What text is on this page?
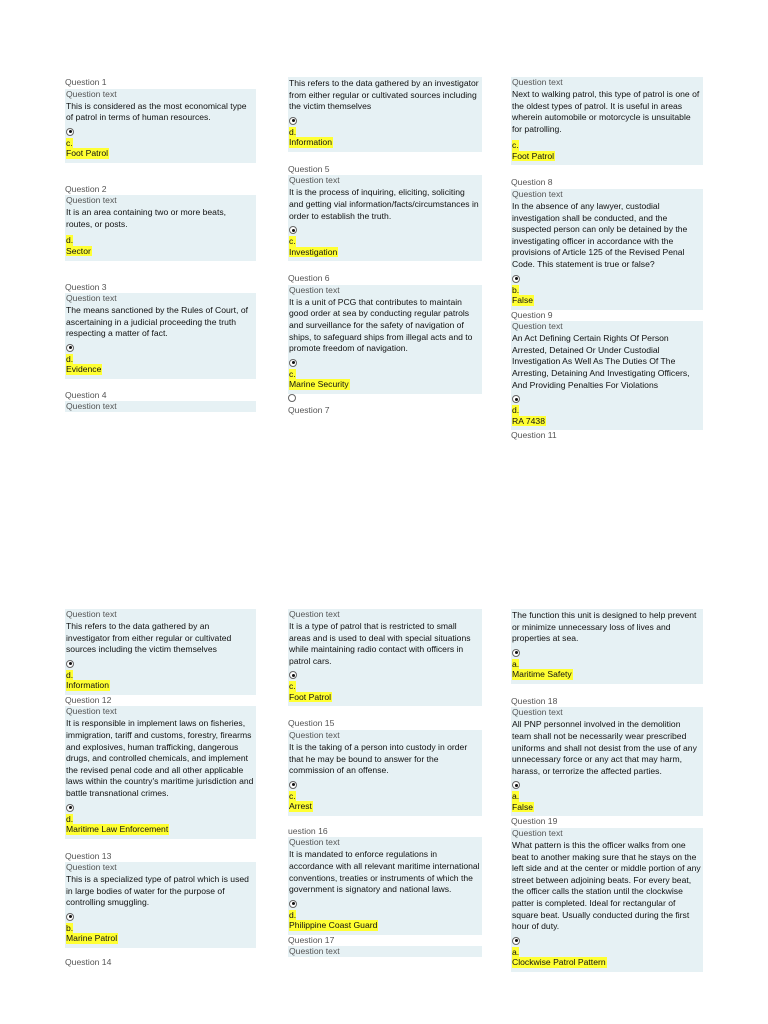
Question 1
Question text
This is considered as the most economical type of patrol in terms of human resources.
c.
Foot Patrol
Question 2
Question text
It is an area containing two or more beats, routes, or posts.
d.
Sector
Question 3
Question text
The means sanctioned by the Rules of Court, of ascertaining in a judicial proceeding the truth respecting a matter of fact.
d.
Evidence
Question 4
Question text
This refers to the data gathered by an investigator from either regular or cultivated sources including the victim themselves
d.
Information
Question 5
Question text
It is the process of inquiring, eliciting, soliciting and getting vial information/facts/circumstances in order to establish the truth.
c.
Investigation
Question 6
Question text
It is a unit of PCG that contributes to maintain good order at sea by conducting regular patrols and surveillance for the safety of navigation of ships, to safeguard ships from illegal acts and to promote freedom of navigation.
c.
Marine Security
Question 7
Question text
Next to walking patrol, this type of patrol is one of the oldest types of patrol. It is useful in areas wherein automobile or motorcycle is unsuitable for patrolling.
c.
Foot Patrol
Question 8
Question text
In the absence of any lawyer, custodial investigation shall be conducted, and the suspected person can only be detained by the investigating officer in accordance with the provisions of Article 125 of the Revised Penal Code. This statement is true or false?
b.
False
Question 9
Question text
An Act Defining Certain Rights Of Person Arrested, Detained Or Under Custodial Investigation As Well As The Duties Of The Arresting, Detaining And Investigating Officers, And Providing Penalties For Violations
d.
RA 7438
Question 11
Question text
This refers to the data gathered by an investigator from either regular or cultivated sources including the victim themselves
d.
Information
Question 12
Question text
It is responsible in implement laws on fisheries, immigration, tariff and customs, forestry, firearms and explosives, human trafficking, dangerous drugs, and controlled chemicals, and implement the revised penal code and all other applicable laws within the country's maritime jurisdiction and battle transnational crimes.
d.
Maritime Law Enforcement
Question 13
Question text
This is a specialized type of patrol which is used in large bodies of water for the purpose of controlling smuggling.
b.
Marine Patrol
Question 14
Question text
It is a type of patrol that is restricted to small areas and is used to deal with special situations while maintaining radio contact with officers in patrol cars.
c.
Foot Patrol
Question 15
Question text
It is the taking of a person into custody in order that he may be bound to answer for the commission of an offense.
c.
Arrest
uestion 16
Question text
It is mandated to enforce regulations in accordance with all relevant maritime international conventions, treaties or instruments of which the government is signatory and national laws.
d.
Philippine Coast Guard
Question 17
Question text
The function this unit is designed to help prevent or minimize unnecessary loss of lives and properties at sea.
a.
Maritime Safety
Question 18
Question text
All PNP personnel involved in the demolition team shall not be necessarily wear prescribed uniforms and shall not desist from the use of any unnecessary force or any act that may harm, harass, or terrorize the affected parties.
a.
False
Question 19
Question text
What pattern is this the officer walks from one beat to another making sure that he stays on the left side and at the center or middle portion of any street between adjoining beats. For every beat, the officer calls the station until the clockwise patter is completed. Ideal for rectangular of square beat. Usually conducted during the first hour of duty.
a.
Clockwise Patrol Pattern
